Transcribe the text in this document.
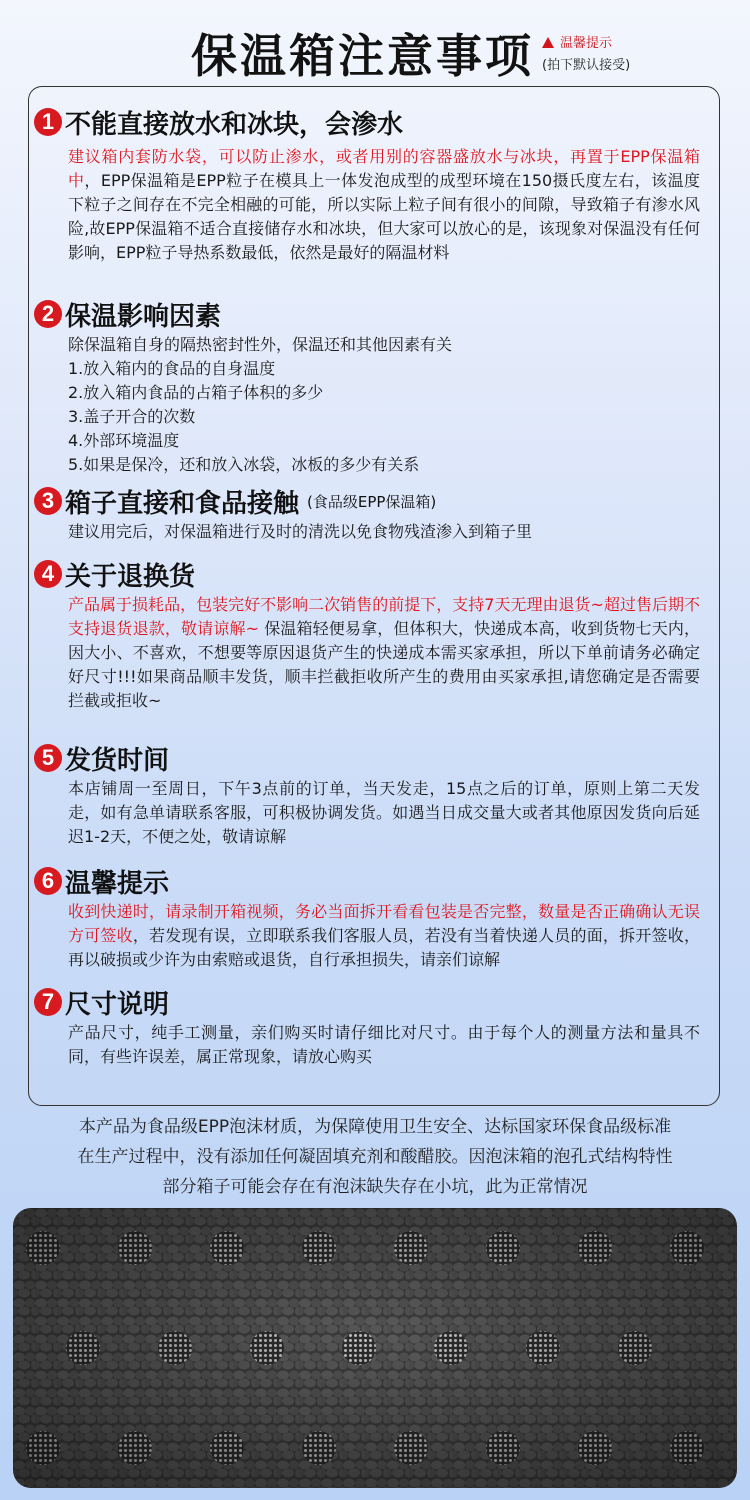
保温箱注意事项	温馨提示
(拍下默认接受)
1 不能直接放水和冰块，会渗水
建议箱内套防水袋，可以防止渗水，或者用别的容器盛放水与冰块，再置于EPP保温箱中，EPP保温箱是EPP粒子在模具上一体发泡成型的成型环境在150摄氏度左右，该温度下粒子之间存在不完全相融的可能，所以实际上粒子间有很小的间隙，导致箱子有渗水风险,故EPP保温箱不适合直接储存水和冰块，但大家可以放心的是，该现象对保温没有任何影响，EPP粒子导热系数最低，依然是最好的隔温材料
2 保温影响因素
除保温箱自身的隔热密封性外，保温还和其他因素有关
1.放入箱内的食品的自身温度
2.放入箱内食品的占箱子体积的多少
3.盖子开合的次数
4.外部环境温度
5.如果是保冷，还和放入冰袋，冰板的多少有关系
3 箱子直接和食品接触 (食品级EPP保温箱)
建议用完后，对保温箱进行及时的清洗以免食物残渣渗入到箱子里
4 关于退换货
产品属于损耗品，包装完好不影响二次销售的前提下，支持7天无理由退货~超过售后期不支持退货退款，敬请谅解~ 保温箱轻便易拿，但体积大，快递成本高，收到货物七天内，因大小、不喜欢，不想要等原因退货产生的快递成本需买家承担，所以下单前请务必确定好尺寸!!!如果商品顺丰发货，顺丰拦截拒收所产生的费用由买家承担,请您确定是否需要拦截或拒收~
5 发货时间
本店铺周一至周日，下午3点前的订单，当天发走，15点之后的订单，原则上第二天发走，如有急单请联系客服，可积极协调发货。如遇当日成交量大或者其他原因发货向后延迟1-2天，不便之处，敬请谅解
6 温馨提示
收到快递时，请录制开箱视频，务必当面拆开看看包装是否完整，数量是否正确确认无误方可签收，若发现有误，立即联系我们客服人员，若没有当着快递人员的面，拆开签收，再以破损或少许为由索赔或退货，自行承担损失，请亲们谅解
7 尺寸说明
产品尺寸，纯手工测量，亲们购买时请仔细比对尺寸。由于每个人的测量方法和量具不同，有些许误差，属正常现象，请放心购买
本产品为食品级EPP泡沫材质，为保障使用卫生安全、达标国家环保食品级标准
在生产过程中，没有添加任何凝固填充剂和酸醋胶。因泡沫箱的泡孔式结构特性
部分箱子可能会存在有泡沫缺失存在小坑，此为正常情况
